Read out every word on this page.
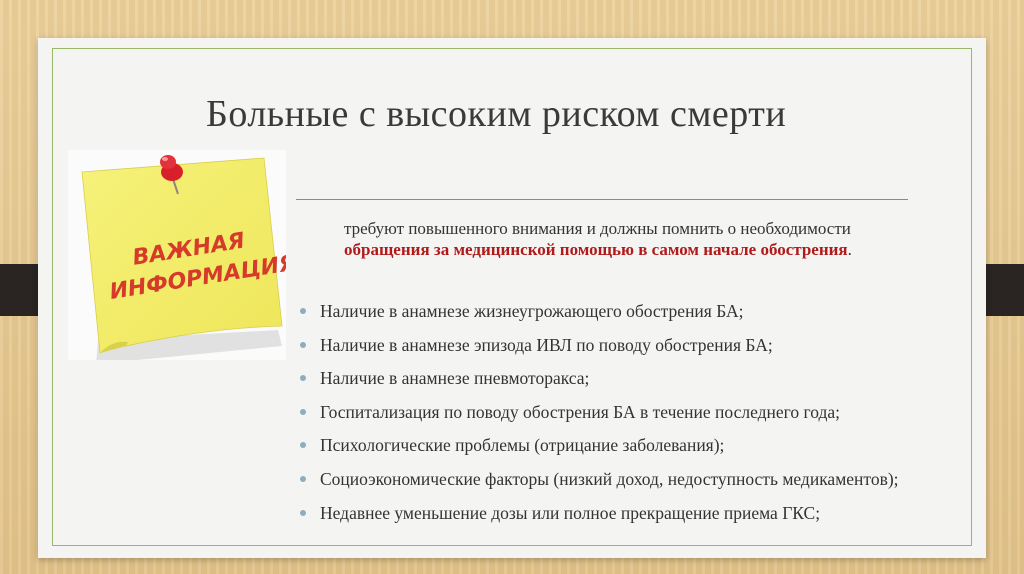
Больные с высоким риском смерти
ВАЖНАЯ
ИНФОРМАЦИЯ
требуют повышенного внимания и должны помнить о необходимости
обращения за медицинской помощью в самом начале обострения.
Наличие в анамнезе жизнеугрожающего обострения БА;
Наличие в анамнезе эпизода ИВЛ по поводу обострения БА;
Наличие в анамнезе пневмоторакса;
Госпитализация по поводу обострения БА в течение последнего года;
Психологические проблемы (отрицание заболевания);
Социоэкономические факторы (низкий доход, недоступность медикаментов);
Недавнее уменьшение дозы или полное прекращение приема ГКС;
